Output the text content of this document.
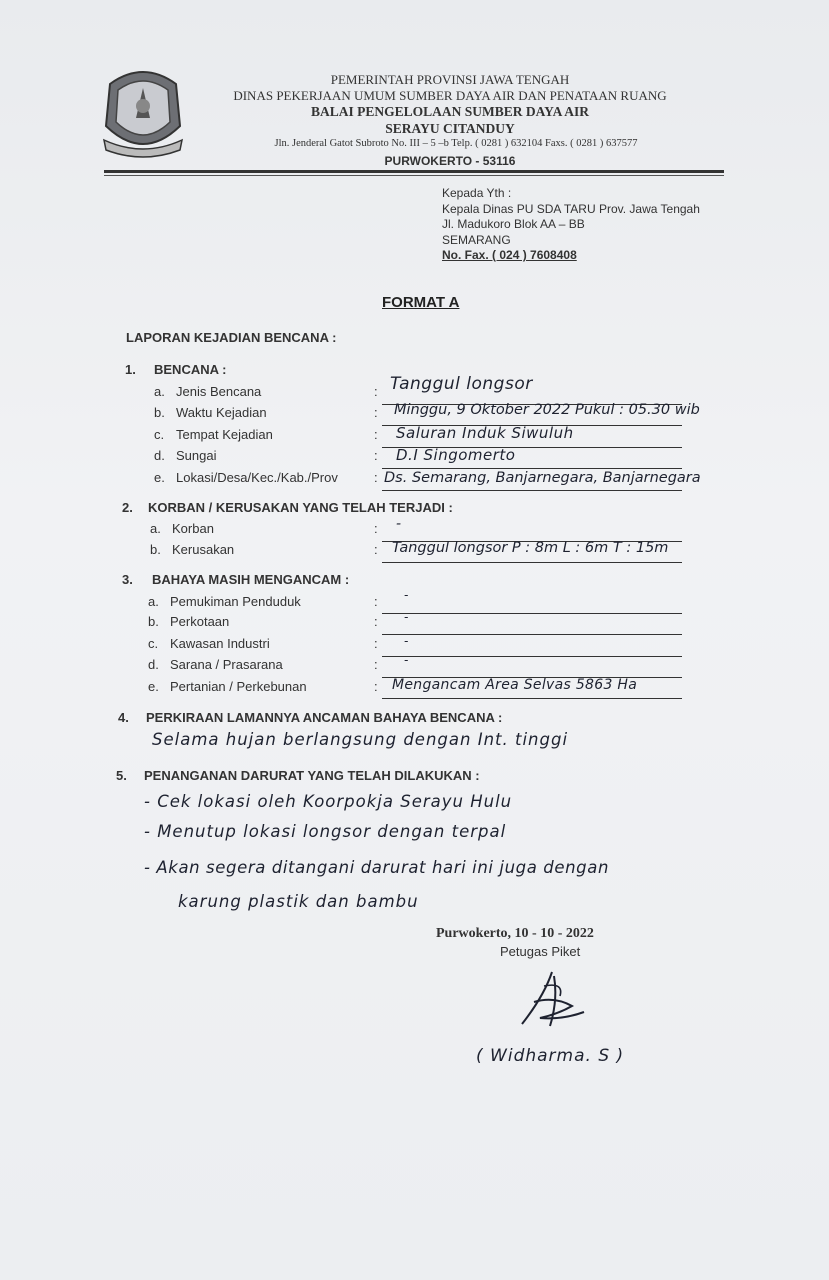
PEMERINTAH PROVINSI JAWA TENGAH
DINAS PEKERJAAN UMUM SUMBER DAYA AIR DAN PENATAAN RUANG
BALAI PENGELOLAAN SUMBER DAYA AIR
SERAYU CITANDUY
Jln. Jenderal Gatot Subroto No. III – 5 –b Telp. ( 0281 ) 632104 Faxs. ( 0281 ) 637577
PURWOKERTO - 53116
Kepada Yth :
Kepala Dinas PU SDA TARU Prov. Jawa Tengah
Jl. Madukoro Blok AA – BB
SEMARANG
No. Fax. ( 024 ) 7608408
FORMAT A
LAPORAN KEJADIAN BENCANA :
1. BENCANA :
a. Jenis Bencana	: Tanggul longsor
b. Waktu Kejadian	: Minggu, 9 Oktober 2022 Pukul : 05.30 wib
c. Tempat Kejadian	: Saluran Induk Siwuluh
d. Sungai	: D.I Singomerto
e. Lokasi/Desa/Kec./Kab./Prov	: Ds. Semarang, Banjarnegara, Banjarnegara
2. KORBAN / KERUSAKAN YANG TELAH TERJADI :
a. Korban	: -
b. Kerusakan	: Tanggul longsor P : 8m L : 6m T : 15m
3. BAHAYA MASIH MENGANCAM :
a. Pemukiman Penduduk	: -
b. Perkotaan	: -
c. Kawasan Industri	: -
d. Sarana / Prasarana	: -
e. Pertanian / Perkebunan	: Mengancam Area Selvas 5863 Ha
4. PERKIRAAN LAMANNYA ANCAMAN BAHAYA BENCANA :
Selama hujan berlangsung dengan Int. tinggi
5. PENANGANAN DARURAT YANG TELAH DILAKUKAN :
- Cek lokasi oleh Koorpokja Serayu Hulu
- Menutup lokasi longsor dengan terpal
- Akan segera ditangani darurat hari ini juga dengan
karung plastik dan bambu
Purwokerto, 10 - 10 - 2022
Petugas Piket
( Widharma. S )
